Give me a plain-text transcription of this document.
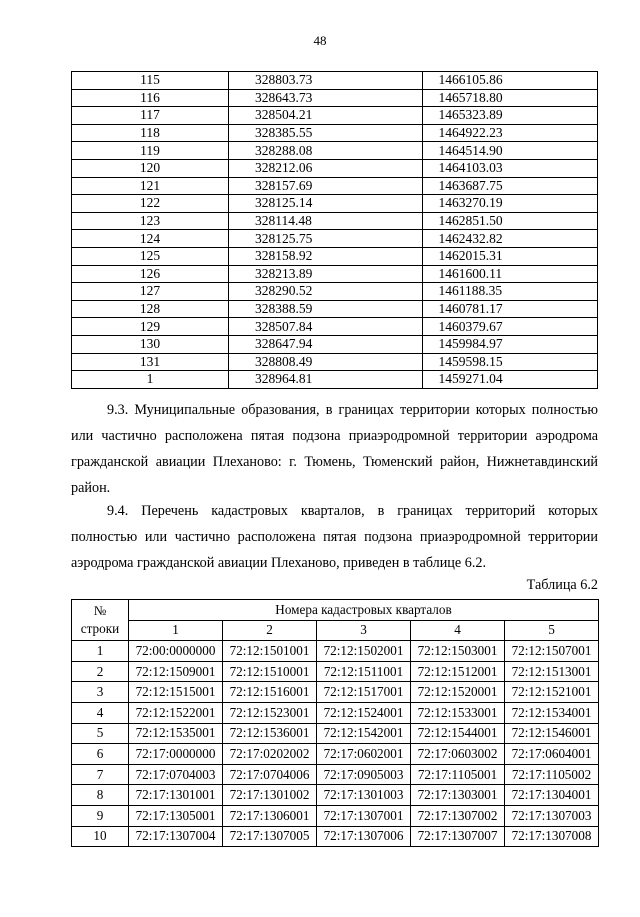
48
115	328803.73	1466105.86
116	328643.73	1465718.80
117	328504.21	1465323.89
118	328385.55	1464922.23
119	328288.08	1464514.90
120	328212.06	1464103.03
121	328157.69	1463687.75
122	328125.14	1463270.19
123	328114.48	1462851.50
124	328125.75	1462432.82
125	328158.92	1462015.31
126	328213.89	1461600.11
127	328290.52	1461188.35
128	328388.59	1460781.17
129	328507.84	1460379.67
130	328647.94	1459984.97
131	328808.49	1459598.15
1	328964.81	1459271.04

9.3. Муниципальные образования, в границах территории которых полностью или частично расположена пятая подзона приаэродромной территории аэродрома гражданской авиации Плеханово: г. Тюмень, Тюменский район, Нижнетавдинский район.

9.4. Перечень кадастровых кварталов, в границах территорий которых полностью или частично расположена пятая подзона приаэродромной территории аэродрома гражданской авиации Плеханово, приведен в таблице 6.2.

Таблица 6.2
№
строки	Номера кадастровых кварталов				
	1	2	3	4	5
1	72:00:0000000	72:12:1501001	72:12:1502001	72:12:1503001	72:12:1507001
2	72:12:1509001	72:12:1510001	72:12:1511001	72:12:1512001	72:12:1513001
3	72:12:1515001	72:12:1516001	72:12:1517001	72:12:1520001	72:12:1521001
4	72:12:1522001	72:12:1523001	72:12:1524001	72:12:1533001	72:12:1534001
5	72:12:1535001	72:12:1536001	72:12:1542001	72:12:1544001	72:12:1546001
6	72:17:0000000	72:17:0202002	72:17:0602001	72:17:0603002	72:17:0604001
7	72:17:0704003	72:17:0704006	72:17:0905003	72:17:1105001	72:17:1105002
8	72:17:1301001	72:17:1301002	72:17:1301003	72:17:1303001	72:17:1304001
9	72:17:1305001	72:17:1306001	72:17:1307001	72:17:1307002	72:17:1307003
10	72:17:1307004	72:17:1307005	72:17:1307006	72:17:1307007	72:17:1307008
